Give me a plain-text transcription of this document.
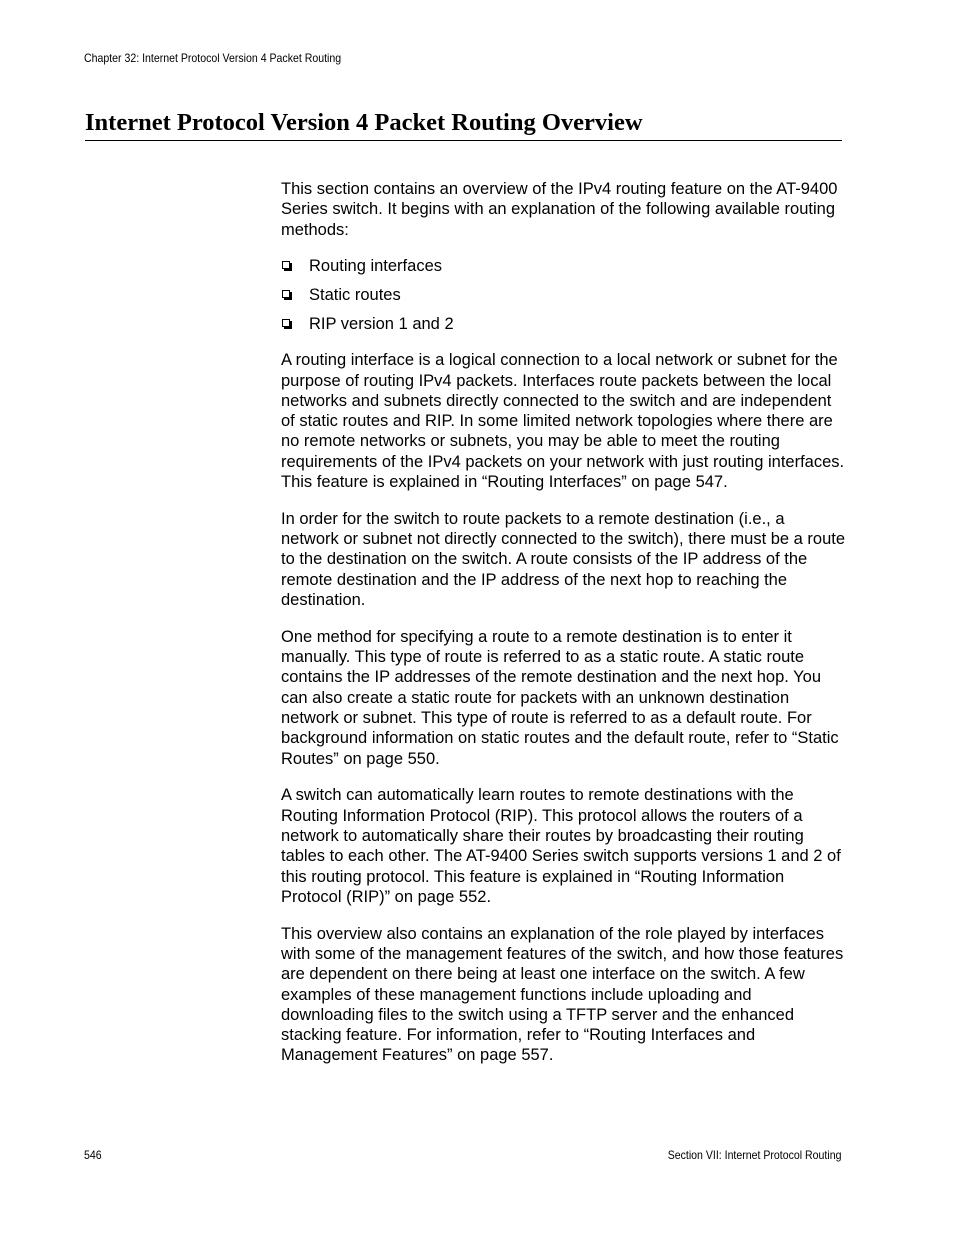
Chapter 32: Internet Protocol Version 4 Packet Routing
Internet Protocol Version 4 Packet Routing Overview

This section contains an overview of the IPv4 routing feature on the AT-9400 Series switch. It begins with an explanation of the following available routing methods:

Routing interfaces
Static routes
RIP version 1 and 2

A routing interface is a logical connection to a local network or subnet for the purpose of routing IPv4 packets. Interfaces route packets between the local networks and subnets directly connected to the switch and are independent of static routes and RIP. In some limited network topologies where there are no remote networks or subnets, you may be able to meet the routing requirements of the IPv4 packets on your network with just routing interfaces. This feature is explained in “Routing Interfaces” on page 547.

In order for the switch to route packets to a remote destination (i.e., a network or subnet not directly connected to the switch), there must be a route to the destination on the switch. A route consists of the IP address of the remote destination and the IP address of the next hop to reaching the destination.

One method for specifying a route to a remote destination is to enter it manually. This type of route is referred to as a static route. A static route contains the IP addresses of the remote destination and the next hop. You can also create a static route for packets with an unknown destination network or subnet. This type of route is referred to as a default route. For background information on static routes and the default route, refer to “Static Routes” on page 550.

A switch can automatically learn routes to remote destinations with the Routing Information Protocol (RIP). This protocol allows the routers of a network to automatically share their routes by broadcasting their routing tables to each other. The AT-9400 Series switch supports versions 1 and 2 of this routing protocol. This feature is explained in “Routing Information Protocol (RIP)” on page 552.

This overview also contains an explanation of the role played by interfaces with some of the management features of the switch, and how those features are dependent on there being at least one interface on the switch. A few examples of these management functions include uploading and downloading files to the switch using a TFTP server and the enhanced stacking feature. For information, refer to “Routing Interfaces and Management Features” on page 557.

546	Section VII: Internet Protocol Routing
